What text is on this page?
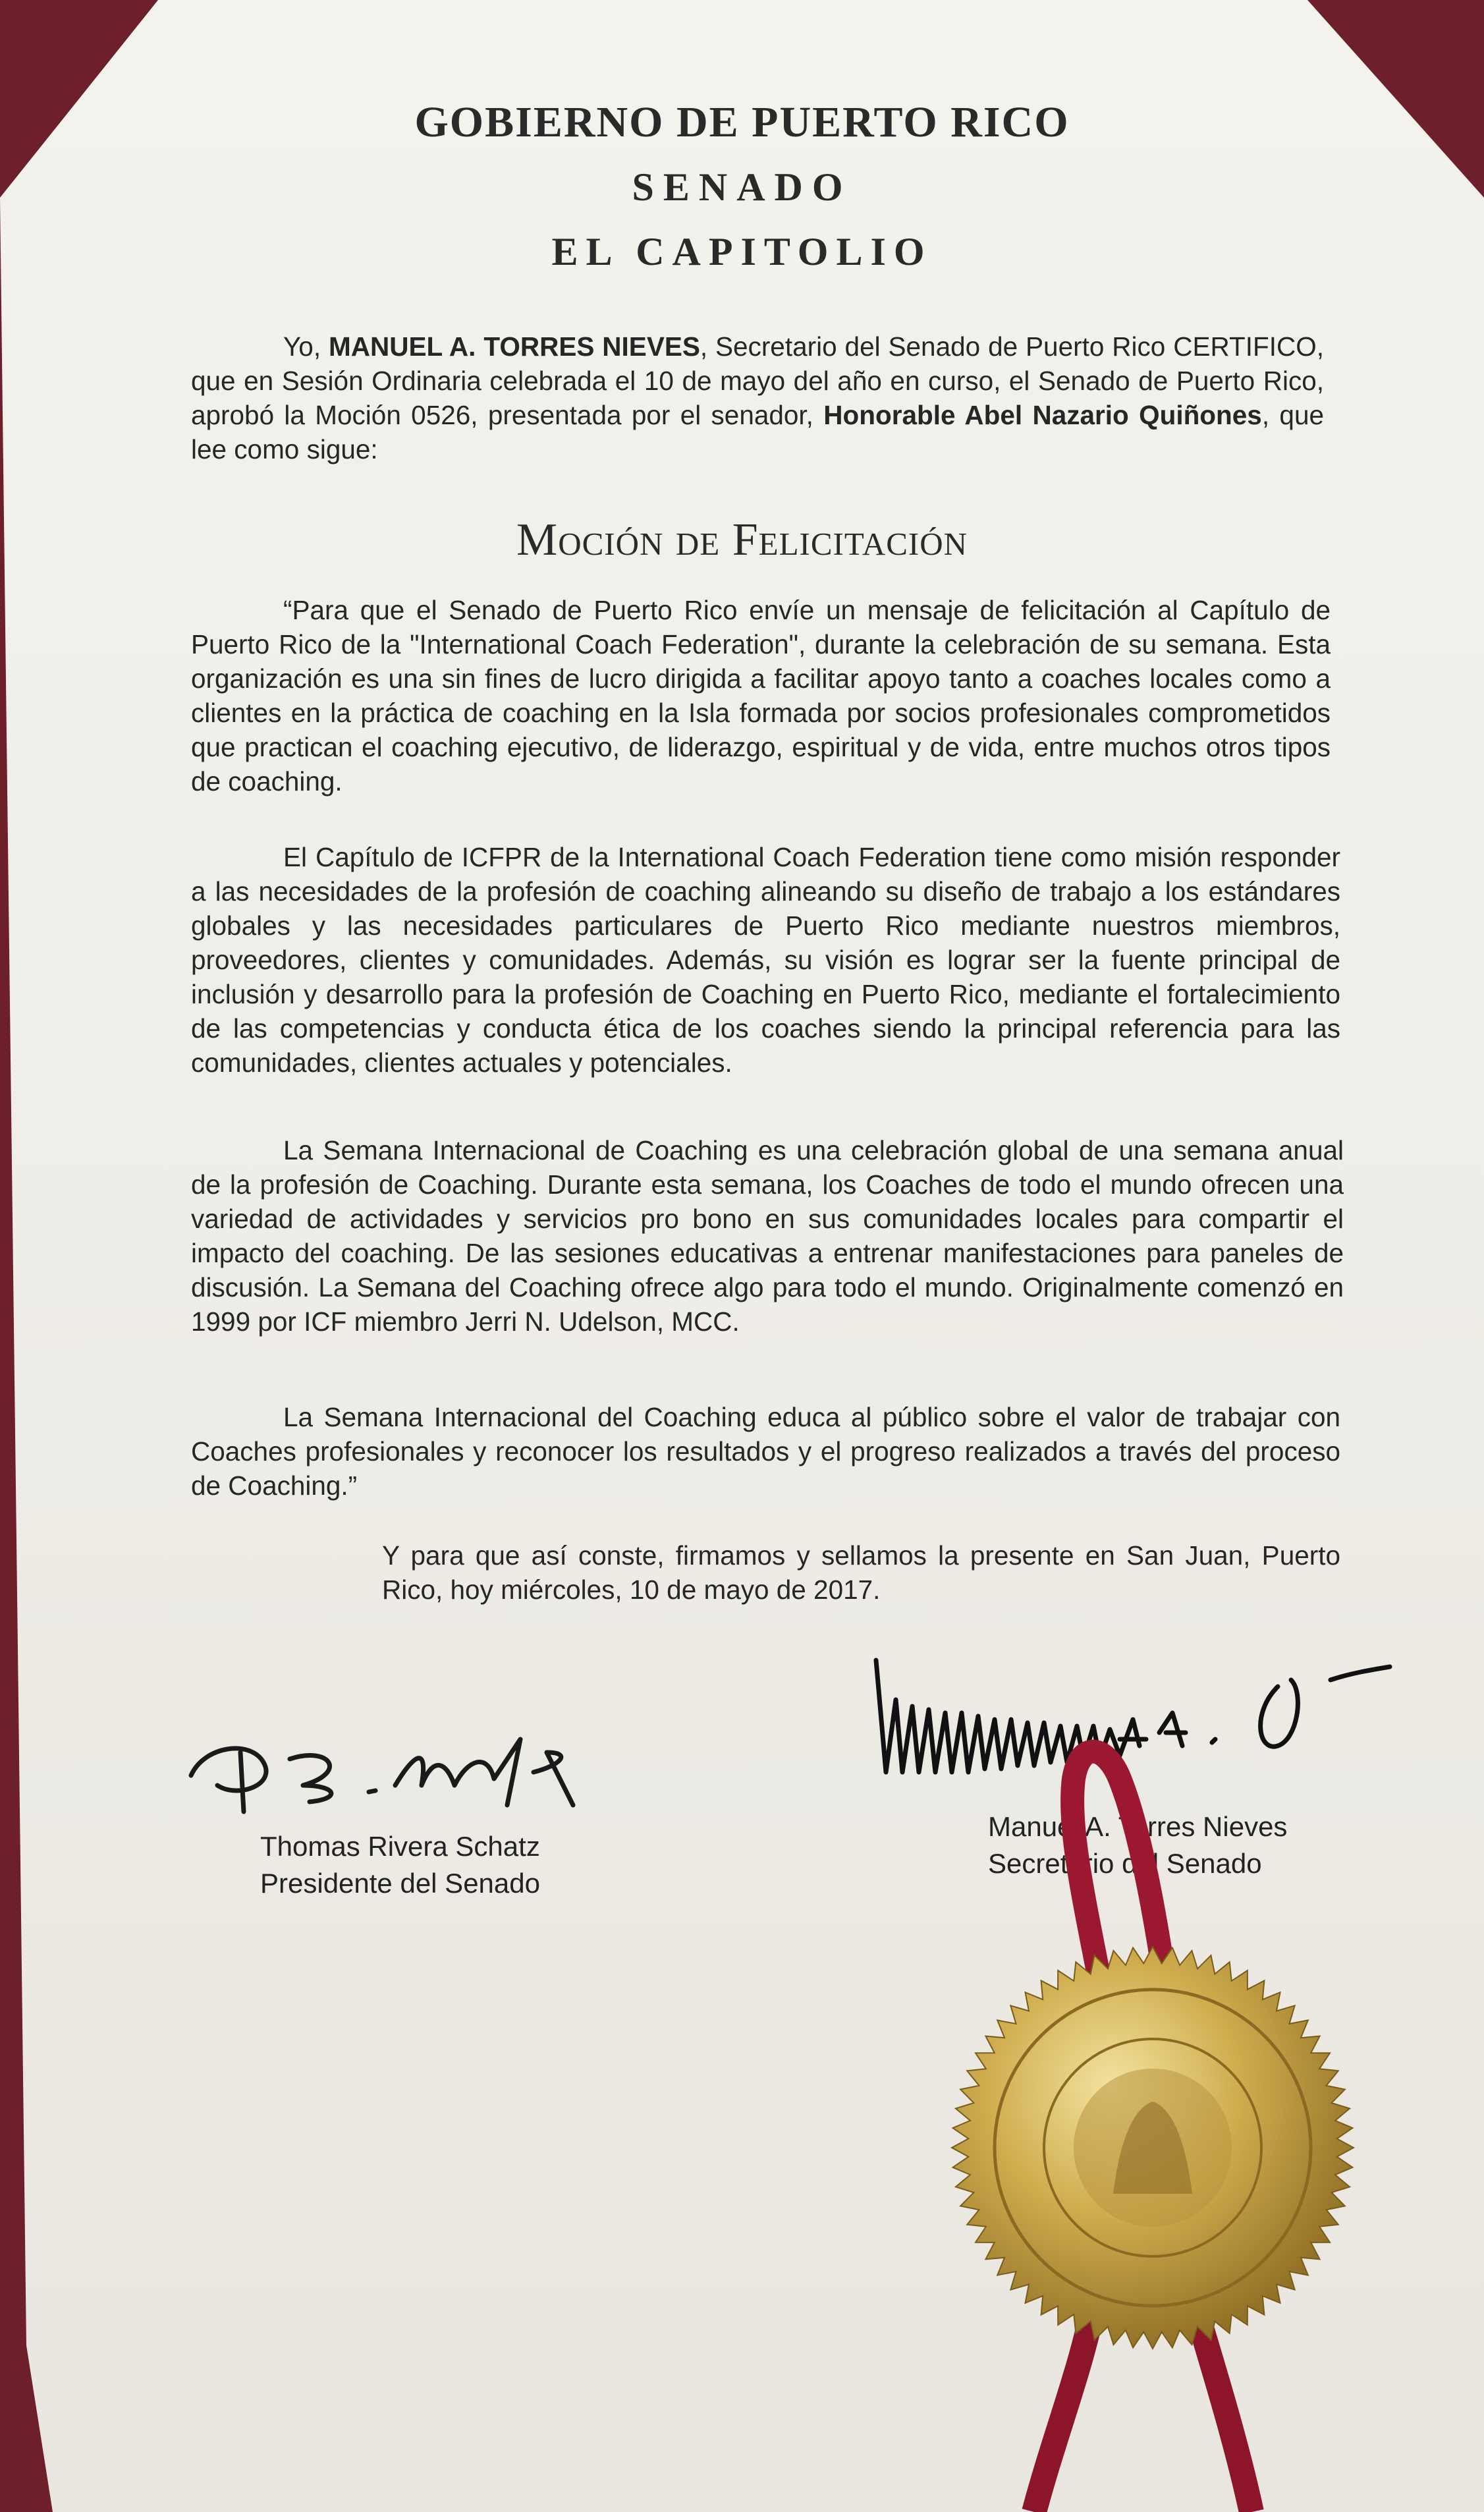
GOBIERNO DE PUERTO RICO
SENADO
EL CAPITOLIO
Yo, MANUEL A. TORRES NIEVES, Secretario del Senado de Puerto Rico CERTIFICO, que en Sesión Ordinaria celebrada el 10 de mayo del año en curso, el Senado de Puerto Rico, aprobó la Moción 0526, presentada por el senador, Honorable Abel Nazario Quiñones, que lee como sigue:
Moción de Felicitación
“Para que el Senado de Puerto Rico envíe un mensaje de felicitación al Capítulo de Puerto Rico de la "International Coach Federation", durante la celebración de su semana. Esta organización es una sin fines de lucro dirigida a facilitar apoyo tanto a coaches locales como a clientes en la práctica de coaching en la Isla formada por socios profesionales comprometidos que practican el coaching ejecutivo, de liderazgo, espiritual y de vida, entre muchos otros tipos de coaching.
El Capítulo de ICFPR de la International Coach Federation tiene como misión responder a las necesidades de la profesión de coaching alineando su diseño de trabajo a los estándares globales y las necesidades particulares de Puerto Rico mediante nuestros miembros, proveedores, clientes y comunidades. Además, su visión es lograr ser la fuente principal de inclusión y desarrollo para la profesión de Coaching en Puerto Rico, mediante el fortalecimiento de las competencias y conducta ética de los coaches siendo la principal referencia para las comunidades, clientes actuales y potenciales.
La Semana Internacional de Coaching es una celebración global de una semana anual de la profesión de Coaching. Durante esta semana, los Coaches de todo el mundo ofrecen una variedad de actividades y servicios pro bono en sus comunidades locales para compartir el impacto del coaching. De las sesiones educativas a entrenar manifestaciones para paneles de discusión. La Semana del Coaching ofrece algo para todo el mundo. Originalmente comenzó en 1999 por ICF miembro Jerri N. Udelson, MCC.
La Semana Internacional del Coaching educa al público sobre el valor de trabajar con Coaches profesionales y reconocer los resultados y el progreso realizados a través del proceso de Coaching.”
Y para que así conste, firmamos y sellamos la presente en San Juan, Puerto Rico, hoy miércoles, 10 de mayo de 2017.
Thomas Rivera Schatz
Presidente del Senado
Manuel A. Torres Nieves
Secretario del Senado
